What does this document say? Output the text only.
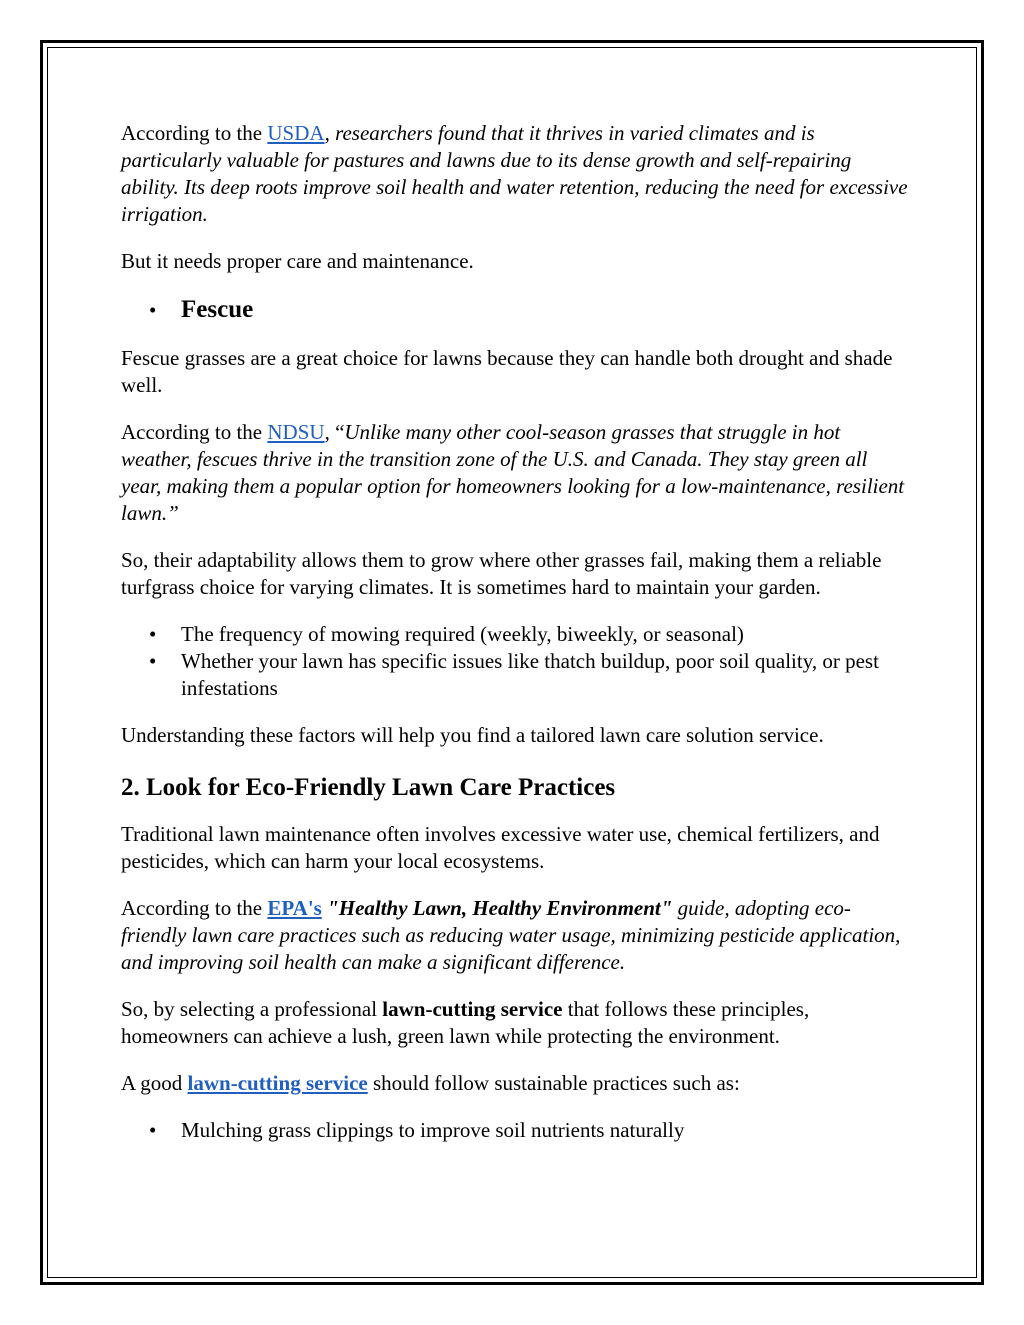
According to the USDA, researchers found that it thrives in varied climates and is particularly valuable for pastures and lawns due to its dense growth and self-repairing ability. Its deep roots improve soil health and water retention, reducing the need for excessive irrigation.

But it needs proper care and maintenance.

• Fescue

Fescue grasses are a great choice for lawns because they can handle both drought and shade well.

According to the NDSU, “Unlike many other cool-season grasses that struggle in hot weather, fescues thrive in the transition zone of the U.S. and Canada. They stay green all year, making them a popular option for homeowners looking for a low-maintenance, resilient lawn.”

So, their adaptability allows them to grow where other grasses fail, making them a reliable turfgrass choice for varying climates. It is sometimes hard to maintain your garden.

• The frequency of mowing required (weekly, biweekly, or seasonal)
• Whether your lawn has specific issues like thatch buildup, poor soil quality, or pest infestations

Understanding these factors will help you find a tailored lawn care solution service.

2. Look for Eco-Friendly Lawn Care Practices

Traditional lawn maintenance often involves excessive water use, chemical fertilizers, and pesticides, which can harm your local ecosystems.

According to the EPA's "Healthy Lawn, Healthy Environment" guide, adopting eco-friendly lawn care practices such as reducing water usage, minimizing pesticide application, and improving soil health can make a significant difference.

So, by selecting a professional lawn-cutting service that follows these principles, homeowners can achieve a lush, green lawn while protecting the environment.

A good lawn-cutting service should follow sustainable practices such as:

• Mulching grass clippings to improve soil nutrients naturally
